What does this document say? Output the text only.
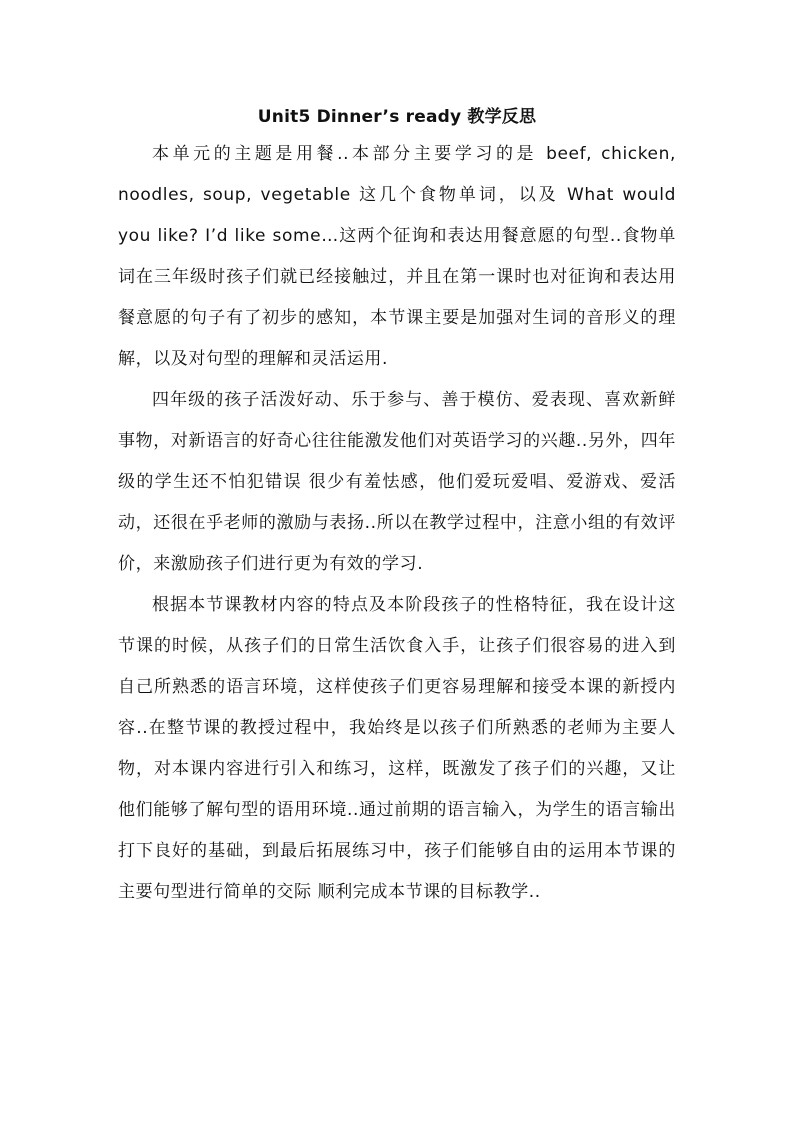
Unit5 Dinner’s ready 教学反思

本单元的主题是用餐..本部分主要学习的是 beef, chicken, noodles, soup, vegetable 这几个食物单词，以及 What would you like? I’d like some…这两个征询和表达用餐意愿的句型..食物单词在三年级时孩子们就已经接触过，并且在第一课时也对征询和表达用餐意愿的句子有了初步的感知，本节课主要是加强对生词的音形义的理解，以及对句型的理解和灵活运用.

四年级的孩子活泼好动、乐于参与、善于模仿、爱表现、喜欢新鲜事物，对新语言的好奇心往往能激发他们对英语学习的兴趣..另外，四年级的学生还不怕犯错误 很少有羞怯感，他们爱玩爱唱、爱游戏、爱活动，还很在乎老师的激励与表扬..所以在教学过程中，注意小组的有效评价，来激励孩子们进行更为有效的学习.

根据本节课教材内容的特点及本阶段孩子的性格特征，我在设计这节课的时候，从孩子们的日常生活饮食入手，让孩子们很容易的进入到自己所熟悉的语言环境，这样使孩子们更容易理解和接受本课的新授内容..在整节课的教授过程中，我始终是以孩子们所熟悉的老师为主要人物，对本课内容进行引入和练习，这样，既激发了孩子们的兴趣，又让他们能够了解句型的语用环境..通过前期的语言输入，为学生的语言输出打下良好的基础，到最后拓展练习中，孩子们能够自由的运用本节课的主要句型进行简单的交际 顺利完成本节课的目标教学..
